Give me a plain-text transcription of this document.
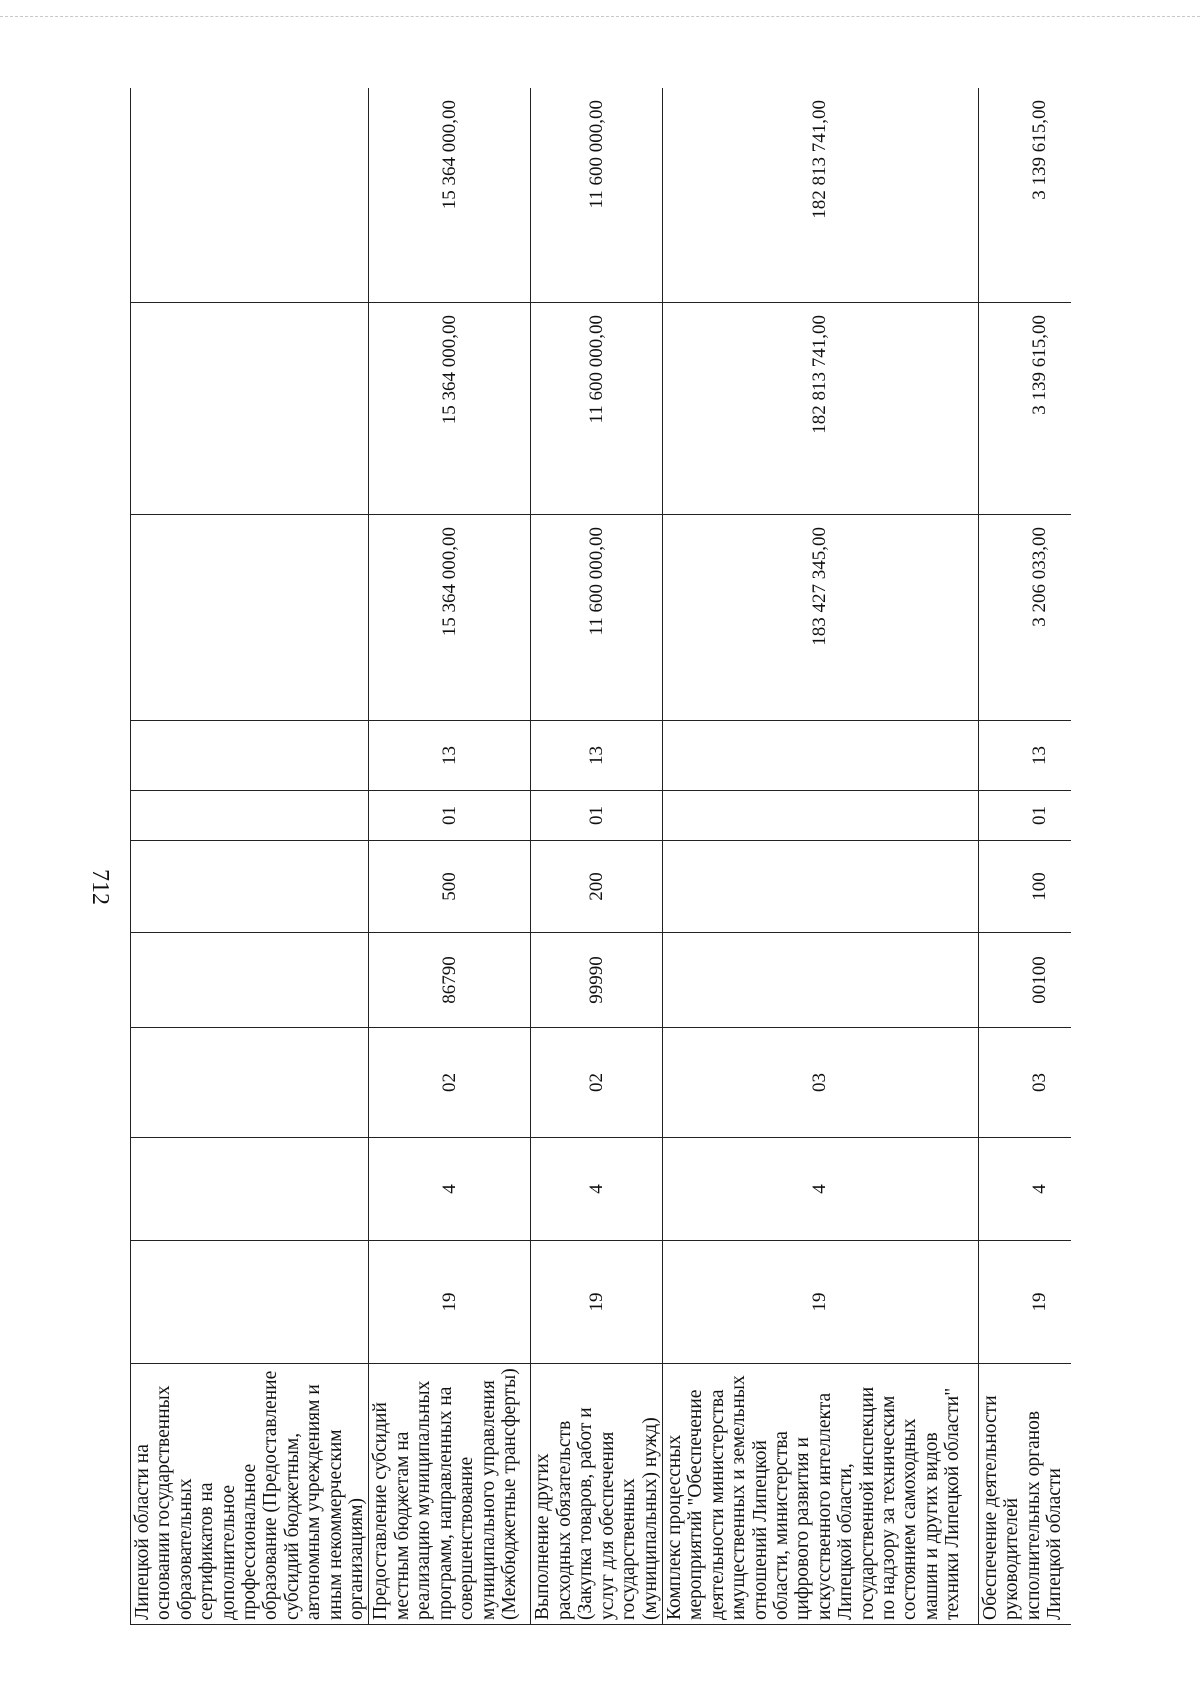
712
Липецкой области на основании государственных образовательных сертификатов на дополнительное профессиональное образование (Предоставление субсидий бюджетным, автономным учреждениям и иным некоммерческим организациям)										
Предоставление субсидий местным бюджетам на реализацию муниципальных программ, направленных на совершенствование муниципального управления (Межбюджетные трансферты)	19	4	02	86790	500	01	13	15 364 000,00	15 364 000,00	15 364 000,00
Выполнение других расходных обязательств (Закупка товаров, работ и услуг для обеспечения государственных (муниципальных) нужд)	19	4	02	99990	200	01	13	11 600 000,00	11 600 000,00	11 600 000,00
Комплекс процессных мероприятий "Обеспечение деятельности министерства имущественных и земельных отношений Липецкой области, министерства цифрового развития и искусственного интеллекта Липецкой области, государственной инспекции по надзору за техническим состоянием самоходных машин и других видов техники Липецкой области"	19	4	03					183 427 345,00	182 813 741,00	182 813 741,00
Обеспечение деятельности руководителей исполнительных органов Липецкой области	19	4	03	00100	100	01	13	3 206 033,00	3 139 615,00	3 139 615,00
